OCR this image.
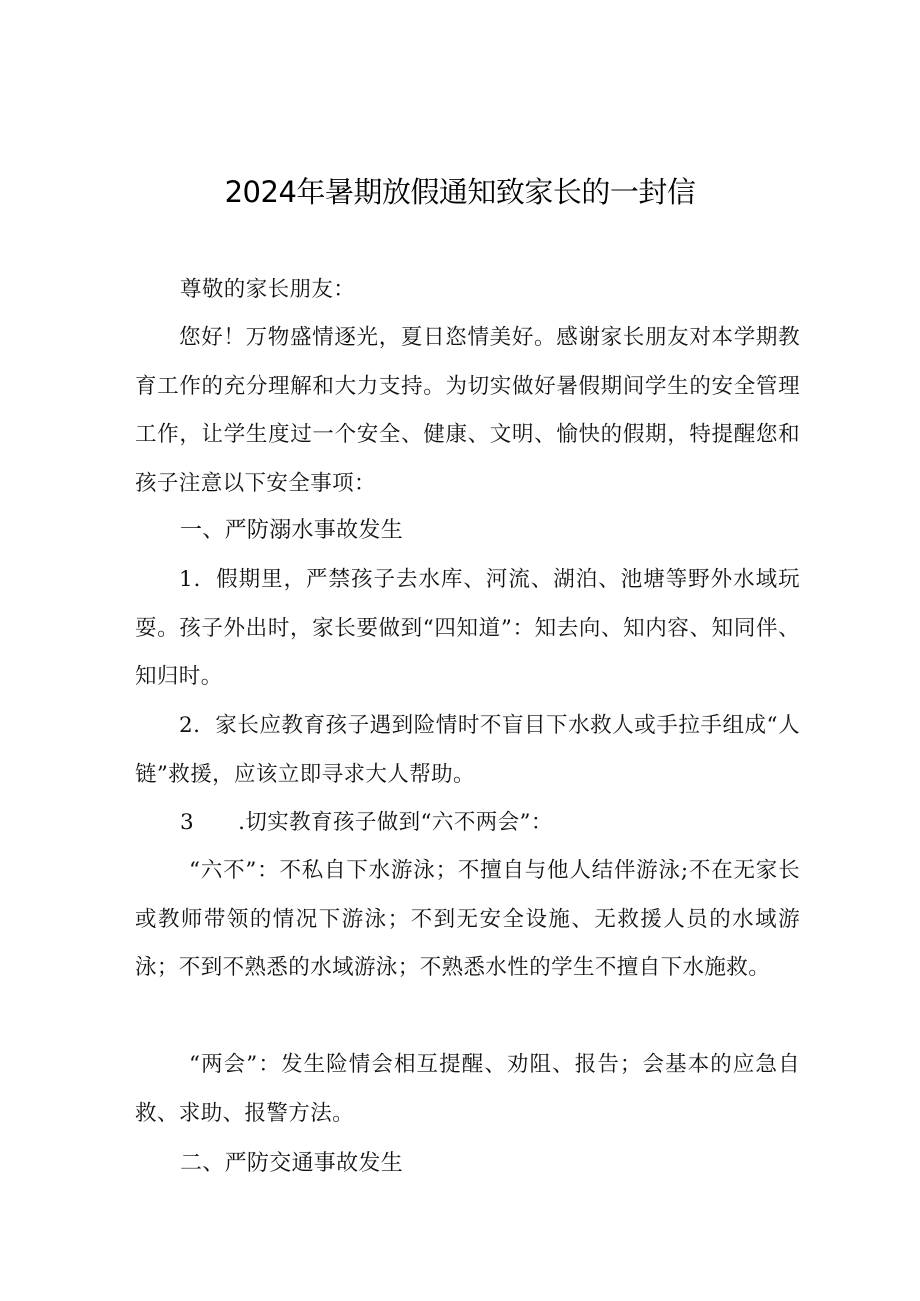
2024年暑期放假通知致家长的一封信

尊敬的家长朋友：

您好！万物盛情逐光，夏日恣情美好。感谢家长朋友对本学期教育工作的充分理解和大力支持。为切实做好暑假期间学生的安全管理工作，让学生度过一个安全、健康、文明、愉快的假期，特提醒您和孩子注意以下安全事项：

一、严防溺水事故发生

1．假期里，严禁孩子去水库、河流、湖泊、池塘等野外水域玩耍。孩子外出时，家长要做到“四知道”：知去向、知内容、知同伴、知归时。

2．家长应教育孩子遇到险情时不盲目下水救人或手拉手组成“人链”救援，应该立即寻求大人帮助。

3 .切实教育孩子做到“六不两会”：

“六不”：不私自下水游泳；不擅自与他人结伴游泳;不在无家长或教师带领的情况下游泳；不到无安全设施、无救援人员的水域游泳；不到不熟悉的水域游泳；不熟悉水性的学生不擅自下水施救。

“两会”：发生险情会相互提醒、劝阻、报告；会基本的应急自救、求助、报警方法。

二、严防交通事故发生
